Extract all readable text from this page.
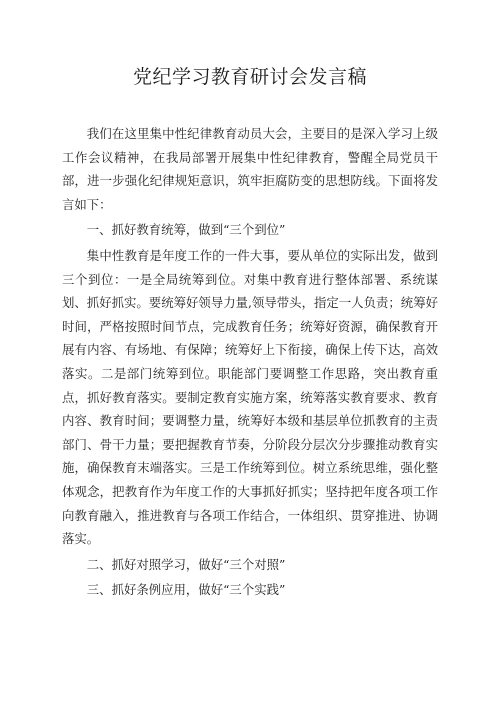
党纪学习教育研讨会发言稿

我们在这里集中性纪律教育动员大会，主要目的是深入学习上级工作会议精神，在我局部署开展集中性纪律教育，警醒全局党员干部，进一步强化纪律规矩意识，筑牢拒腐防变的思想防线。下面将发言如下：

一、抓好教育统筹，做到“三个到位”

集中性教育是年度工作的一件大事，要从单位的实际出发，做到三个到位：一是全局统筹到位。对集中教育进行整体部署、系统谋划、抓好抓实。要统筹好领导力量,领导带头，指定一人负责；统筹好时间，严格按照时间节点，完成教育任务；统筹好资源，确保教育开展有内容、有场地、有保障；统筹好上下衔接，确保上传下达，高效落实。二是部门统筹到位。职能部门要调整工作思路，突出教育重点，抓好教育落实。要制定教育实施方案，统筹落实教育要求、教育内容、教育时间；要调整力量，统筹好本级和基层单位抓教育的主责部门、骨干力量；要把握教育节奏，分阶段分层次分步骤推动教育实施，确保教育末端落实。三是工作统筹到位。树立系统思维，强化整体观念，把教育作为年度工作的大事抓好抓实；坚持把年度各项工作向教育融入，推进教育与各项工作结合，一体组织、贯穿推进、协调落实。

二、抓好对照学习，做好“三个对照”

三、抓好条例应用，做好“三个实践”
